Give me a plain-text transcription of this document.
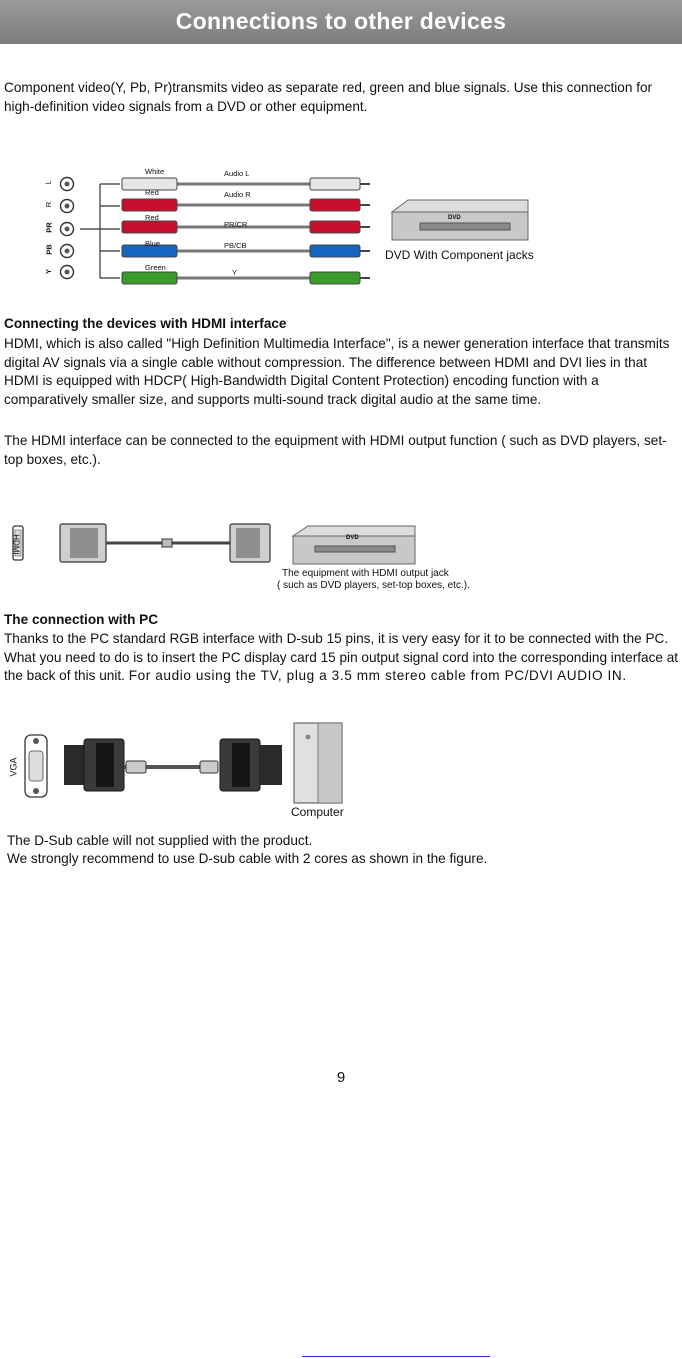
Connections to other devices
Component video(Y, Pb, Pr)transmits video as separate red, green and blue signals. Use this connection for high-definition video signals from a DVD or other equipment.
L
R
PR
PB
Y
White
Red
Red
Blue
Green
Audio L
Audio R
PR/CR
PB/CB
Y
DVD
DVD With Component jacks
Connecting the devices with HDMI interface
HDMI, which is also called "High Definition Multimedia Interface", is a newer generation interface that transmits digital AV signals via a single cable without compression. The difference between HDMI and DVI lies in that HDMI is equipped with HDCP( High-Bandwidth Digital Content Protection) encoding function with a comparatively smaller size, and supports multi-sound track digital audio at the same time.
The HDMI interface can be connected to the equipment with HDMI output function ( such as DVD players, set-top boxes, etc.).
HDMI	DVD
The equipment with HDMI output jack
( such as DVD players, set-top boxes, etc.).
The connection with PC
Thanks to the PC standard RGB interface with D-sub 15 pins, it is very easy for it to be connected with the PC. What you need to do is to insert the PC display card 15 pin output signal cord into the corresponding interface at the back of this unit. For audio using the TV, plug a 3.5 mm stereo cable from PC/DVI AUDIO IN.
VGA
Computer
The D-Sub cable will not supplied with the product.
We strongly recommend to use D-sub cable with 2 cores as shown in the figure.
9
